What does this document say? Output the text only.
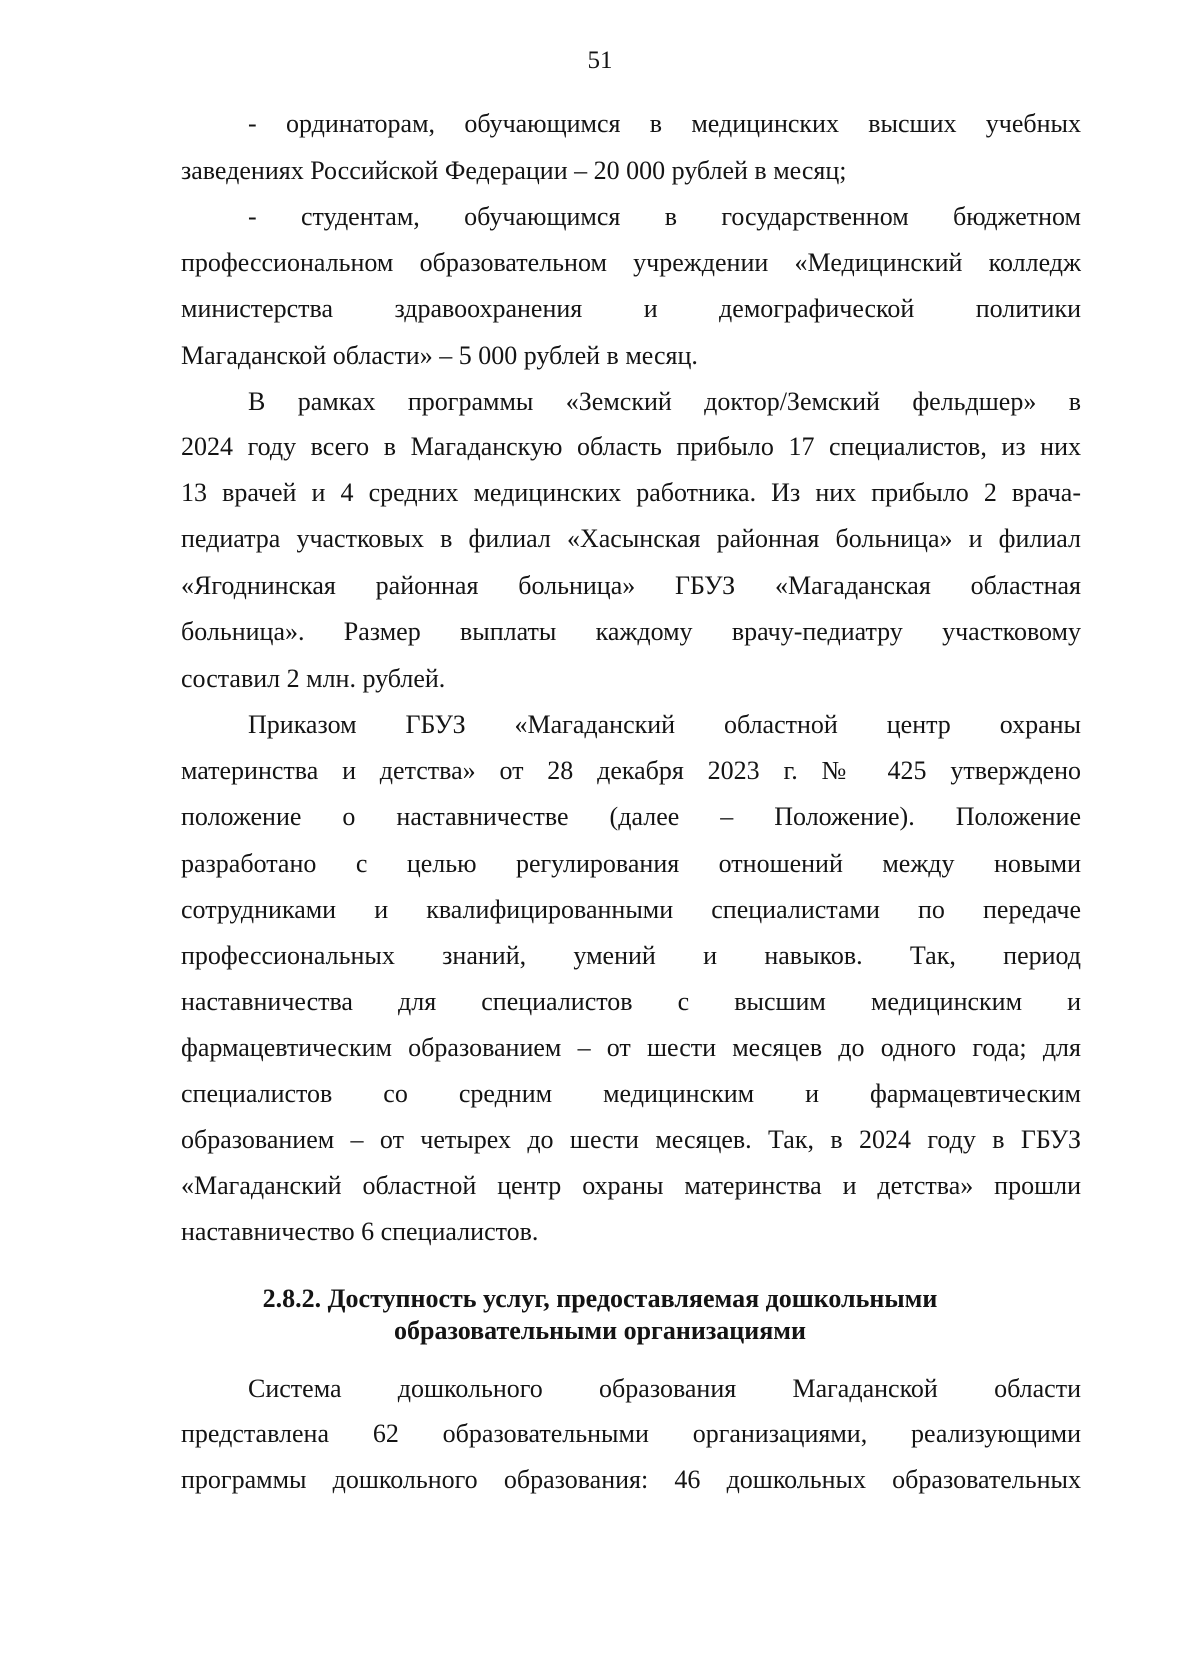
51
- ординаторам, обучающимся в медицинских высших учебных
заведениях Российской Федерации – 20 000 рублей в месяц;
- студентам, обучающимся в государственном бюджетном
профессиональном образовательном учреждении «Медицинский колледж
министерства здравоохранения и демографической политики
Магаданской области» – 5 000 рублей в месяц.
В рамках программы «Земский доктор/Земский фельдшер» в
2024 году всего в Магаданскую область прибыло 17 специалистов, из них
13 врачей и 4 средних медицинских работника. Из них прибыло 2 врача-
педиатра участковых в филиал «Хасынская районная больница» и филиал
«Ягоднинская районная больница» ГБУЗ «Магаданская областная
больница». Размер выплаты каждому врачу-педиатру участковому
составил 2 млн. рублей.
Приказом ГБУЗ «Магаданский областной центр охраны
материнства и детства» от 28 декабря 2023 г. № 425 утверждено
положение о наставничестве (далее – Положение). Положение
разработано с целью регулирования отношений между новыми
сотрудниками и квалифицированными специалистами по передаче
профессиональных знаний, умений и навыков. Так, период
наставничества для специалистов с высшим медицинским и
фармацевтическим образованием – от шести месяцев до одного года; для
специалистов со средним медицинским и фармацевтическим
образованием – от четырех до шести месяцев. Так, в 2024 году в ГБУЗ
«Магаданский областной центр охраны материнства и детства» прошли
наставничество 6 специалистов.
2.8.2. Доступность услуг, предоставляемая дошкольными
образовательными организациями
Система дошкольного образования Магаданской области
представлена 62 образовательными организациями, реализующими
программы дошкольного образования: 46 дошкольных образовательных
